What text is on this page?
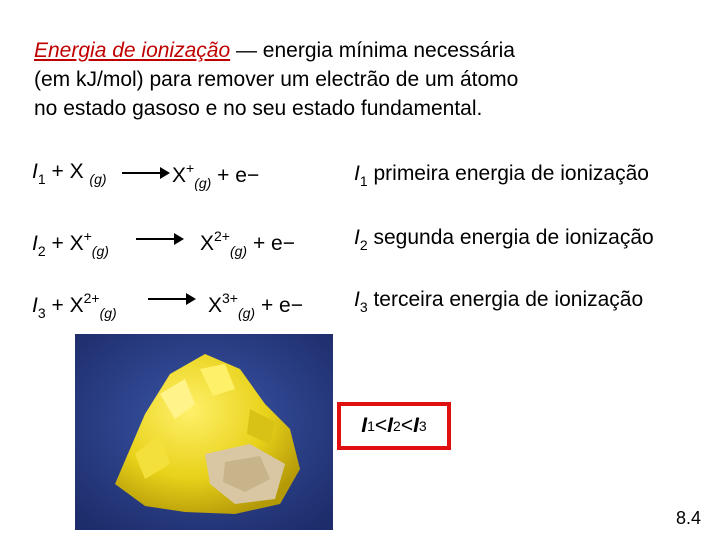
Energia de ionização — energia mínima necessária
(em kJ/mol) para remover um electrão de um átomo
no estado gasoso e no seu estado fundamental.

$I_1 + X$ $_{(g)} \to X^+_{(g)} + e-$	$I_1$ primeira energia de ionização
$I_2 + X^+_{(g)} \to X^{2+}_{(g)} + e-$	$I_2$ segunda energia de ionização
$I_3 + X^{2+}_{(g)} \to X^{3+}_{(g)} + e- I_3$ terceira energia de ionização
I 1 < I 2 < I 3
8.4
